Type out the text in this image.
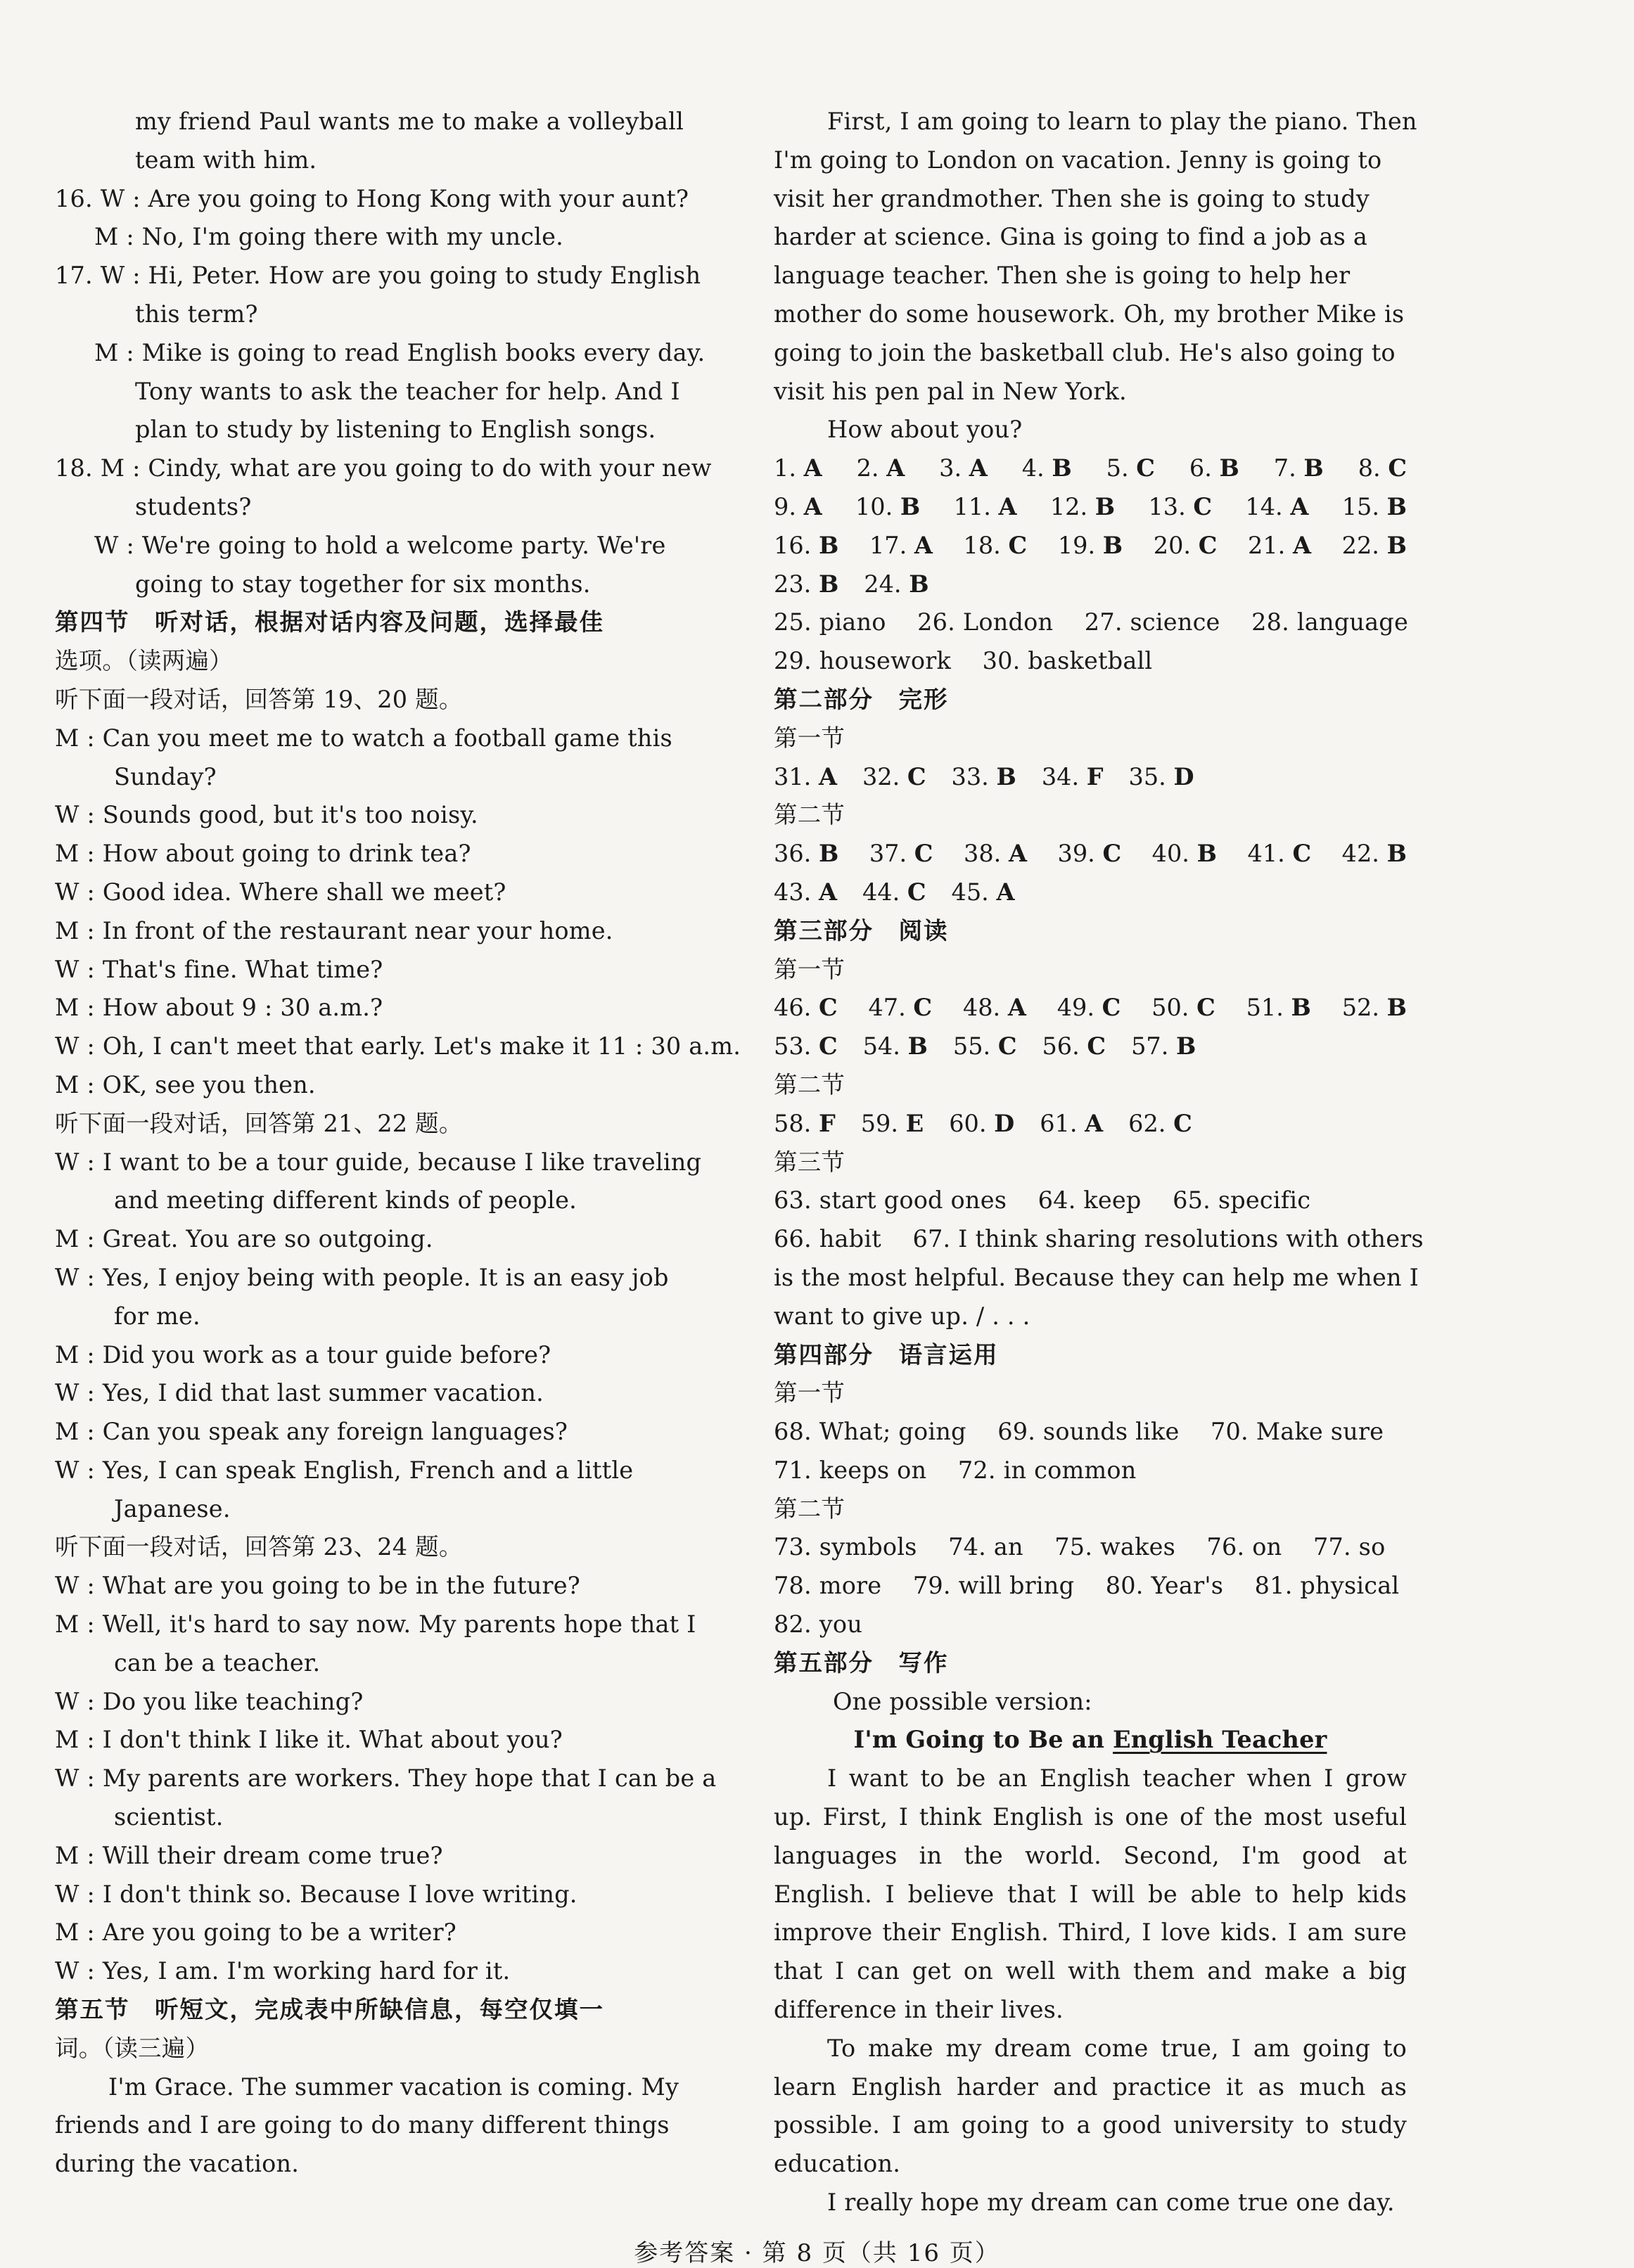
my friend Paul wants me to make a volleyball
team with him.
16. W : Are you going to Hong Kong with your aunt?
M : No, I'm going there with my uncle.
17. W : Hi, Peter. How are you going to study English
this term?
M : Mike is going to read English books every day.
Tony wants to ask the teacher for help. And I
plan to study by listening to English songs.
18. M : Cindy, what are you going to do with your new
students?
W : We're going to hold a welcome party. We're
going to stay together for six months.
第四节　听对话，根据对话内容及问题，选择最佳
选项。（读两遍）
听下面一段对话，回答第 19、20 题。
M : Can you meet me to watch a football game this
Sunday?
W : Sounds good, but it's too noisy.
M : How about going to drink tea?
W : Good idea. Where shall we meet?
M : In front of the restaurant near your home.
W : That's fine. What time?
M : How about 9 : 30 a.m.?
W : Oh, I can't meet that early. Let's make it 11 : 30 a.m.
M : OK, see you then.
听下面一段对话，回答第 21、22 题。
W : I want to be a tour guide, because I like traveling
and meeting different kinds of people.
M : Great. You are so outgoing.
W : Yes, I enjoy being with people. It is an easy job
for me.
M : Did you work as a tour guide before?
W : Yes, I did that last summer vacation.
M : Can you speak any foreign languages?
W : Yes, I can speak English, French and a little
Japanese.
听下面一段对话，回答第 23、24 题。
W : What are you going to be in the future?
M : Well, it's hard to say now. My parents hope that I
can be a teacher.
W : Do you like teaching?
M : I don't think I like it. What about you?
W : My parents are workers. They hope that I can be a
scientist.
M : Will their dream come true?
W : I don't think so. Because I love writing.
M : Are you going to be a writer?
W : Yes, I am. I'm working hard for it.
第五节　听短文，完成表中所缺信息，每空仅填一
词。（读三遍）
I'm Grace. The summer vacation is coming. My
friends and I are going to do many different things
during the vacation.
First, I am going to learn to play the piano. Then
I'm going to London on vacation. Jenny is going to
visit her grandmother. Then she is going to study
harder at science. Gina is going to find a job as a
language teacher. Then she is going to help her
mother do some housework. Oh, my brother Mike is
going to join the basketball club. He's also going to
visit his pen pal in New York.
How about you?
1. A 2. A 3. A 4. B 5. C 6. B 7. B 8. C
9. A 10. B 11. A 12. B 13. C 14. A 15. B
16. B 17. A 18. C 19. B 20. C 21. A 22. B
23. B 24. B
25. piano　 26. London　 27. science　 28. language
29. housework　 30. basketball
第二部分　完形
第一节
31. A 32. C 33. B 34. F 35. D
第二节
36. B 37. C 38. A 39. C 40. B 41. C 42. B
43. A 44. C 45. A
第三部分　阅读
第一节
46. C 47. C 48. A 49. C 50. C 51. B 52. B
53. C 54. B 55. C 56. C 57. B
第二节
58. F 59. E 60. D 61. A 62. C
第三节
63. start good ones　 64. keep　 65. specific
66. habit　 67. I think sharing resolutions with others
is the most helpful. Because they can help me when I
want to give up. / . . .
第四部分　语言运用
第一节
68. What; going　 69. sounds like　 70. Make sure
71. keeps on　 72. in common
第二节
73. symbols　 74. an　 75. wakes　 76. on　 77. so
78. more　 79. will bring　 80. Year's　 81. physical
82. you
第五部分　写作
One possible version:
I'm Going to Be an English Teacher
I want to be an English teacher when I grow up. First, I think English is one of the most useful languages in the world. Second, I'm good at English. I believe that I will be able to help kids improve their English. Third, I love kids. I am sure that I can get on well with them and make a big difference in their lives.
To make my dream come true, I am going to learn English harder and practice it as much as possible. I am going to a good university to study education.
I really hope my dream can come true one day.
参考答案 · 第 8 页（共 16 页）
